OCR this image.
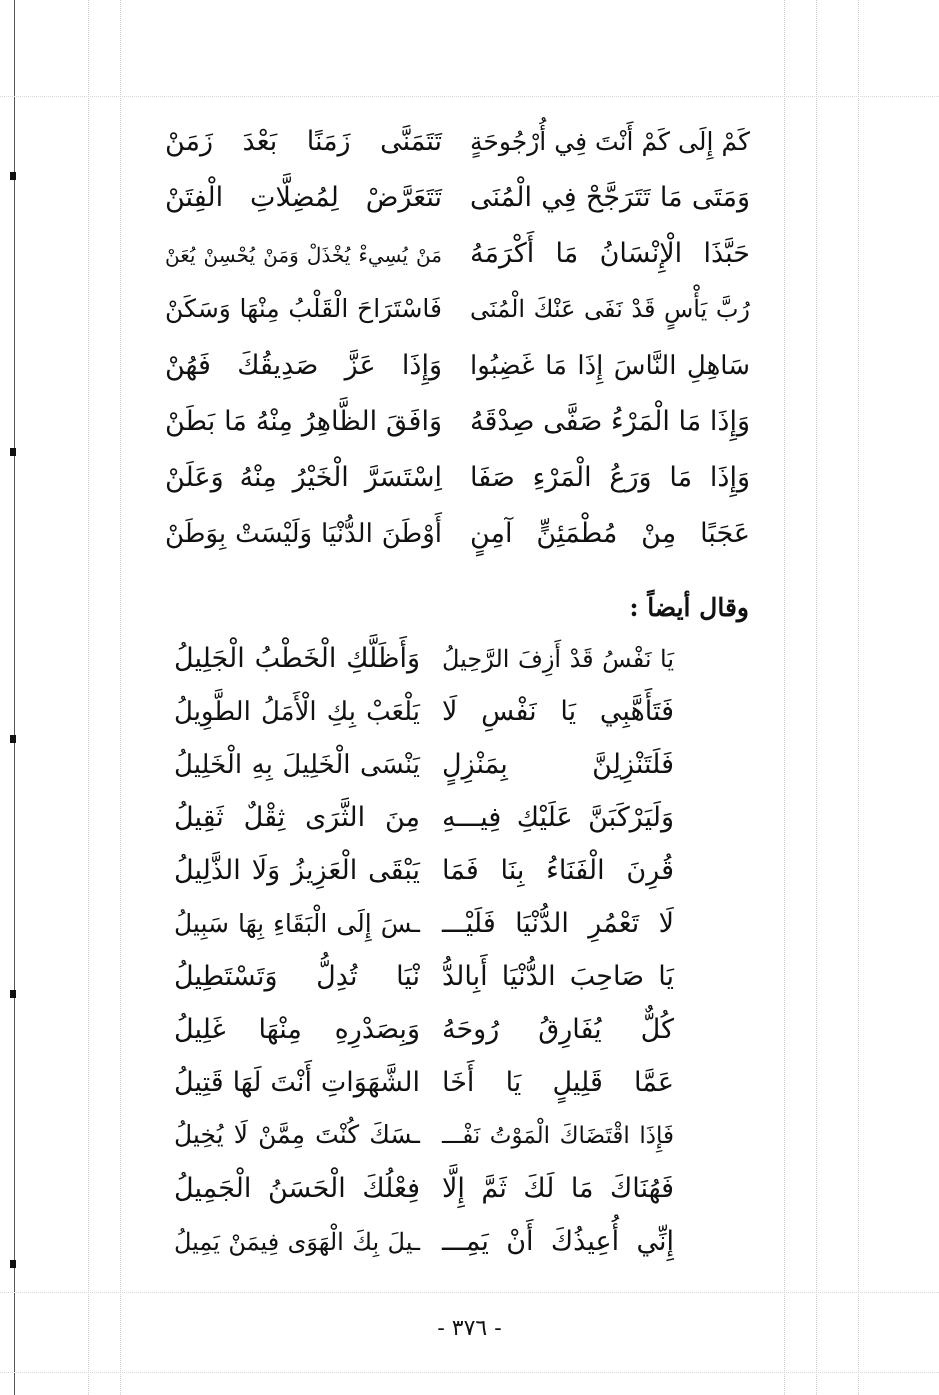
كَمْ إِلَى كَمْ أَنْتَ فِي أُرْجُوحَةٍ
تَتَمَنَّى زَمَنًا بَعْدَ زَمَنْ
وَمَتَى مَا تَتَرَجَّحْ فِي الْمُنَى
تَتَعَرَّضْ لِمُضِلَّاتِ الْفِتَنْ
حَبَّذَا الْإِنْسَانُ مَا أَكْرَمَهُ
مَنْ يُسِيءْ يُخْذَلْ وَمَنْ يُحْسِنْ يُعَنْ
رُبَّ يَأْسٍ قَدْ نَفَى عَنْكَ الْمُنَى
فَاسْتَرَاحَ الْقَلْبُ مِنْهَا وَسَكَنْ
سَاهِلِ النَّاسَ إِذَا مَا غَضِبُوا
وَإِذَا عَزَّ صَدِيقُكَ فَهُنْ
وَإِذَا مَا الْمَرْءُ صَفَّى صِدْقَهُ
وَافَقَ الظَّاهِرُ مِنْهُ مَا بَطَنْ
وَإِذَا مَا وَرَعُ الْمَرْءِ صَفَا
اِسْتَسَرَّ الْخَيْرُ مِنْهُ وَعَلَنْ
عَجَبًا مِنْ مُطْمَئِنٍّ آمِنٍ
أَوْطَنَ الدُّنْيَا وَلَيْسَتْ بِوَطَنْ
وقال أيضاً :
يَا نَفْسُ قَدْ أَزِفَ الرَّحِيلُ
وَأَظَلَّكِ الْخَطْبُ الْجَلِيلُ
فَتَأَهَّبِي يَا نَفْسِ لَا
يَلْعَبْ بِكِ الْأَمَلُ الطَّوِيلُ
فَلَتَنْزِلِنَّ بِمَنْزِلٍ
يَنْسَى الْخَلِيلَ بِهِ الْخَلِيلُ
وَلَيَرْكَبَنَّ عَلَيْكِ فِيـــهِ
مِنَ الثَّرَى ثِقْلٌ ثَقِيلُ
قُرِنَ الْفَنَاءُ بِنَا فَمَا
يَبْقَى الْعَزِيزُ وَلَا الذَّلِيلُ
لَا تَعْمُرِ الدُّنْيَا فَلَيْـــ
ـسَ إِلَى الْبَقَاءِ بِهَا سَبِيلُ
يَا صَاحِبَ الدُّنْيَا أَبِالدُّ
نْيَا تُدِلُّ وَتَسْتَطِيلُ
كُلٌّ يُفَارِقُ رُوحَهُ
وَبِصَدْرِهِ مِنْهَا غَلِيلُ
عَمَّا قَلِيلٍ يَا أَخَا
الشَّهَوَاتِ أَنْتَ لَهَا قَتِيلُ
فَإِذَا اقْتَضَاكَ الْمَوْتُ نَفْـــ
ـسَكَ كُنْتَ مِمَّنْ لَا يُخِيلُ
فَهُنَاكَ مَا لَكَ ثَمَّ إِلَّا
فِعْلُكَ الْحَسَنُ الْجَمِيلُ
إِنِّي أُعِيذُكَ أَنْ يَمِـــ
ـيلَ بِكَ الْهَوَى فِيمَنْ يَمِيلُ
- ٣٧٦ -
